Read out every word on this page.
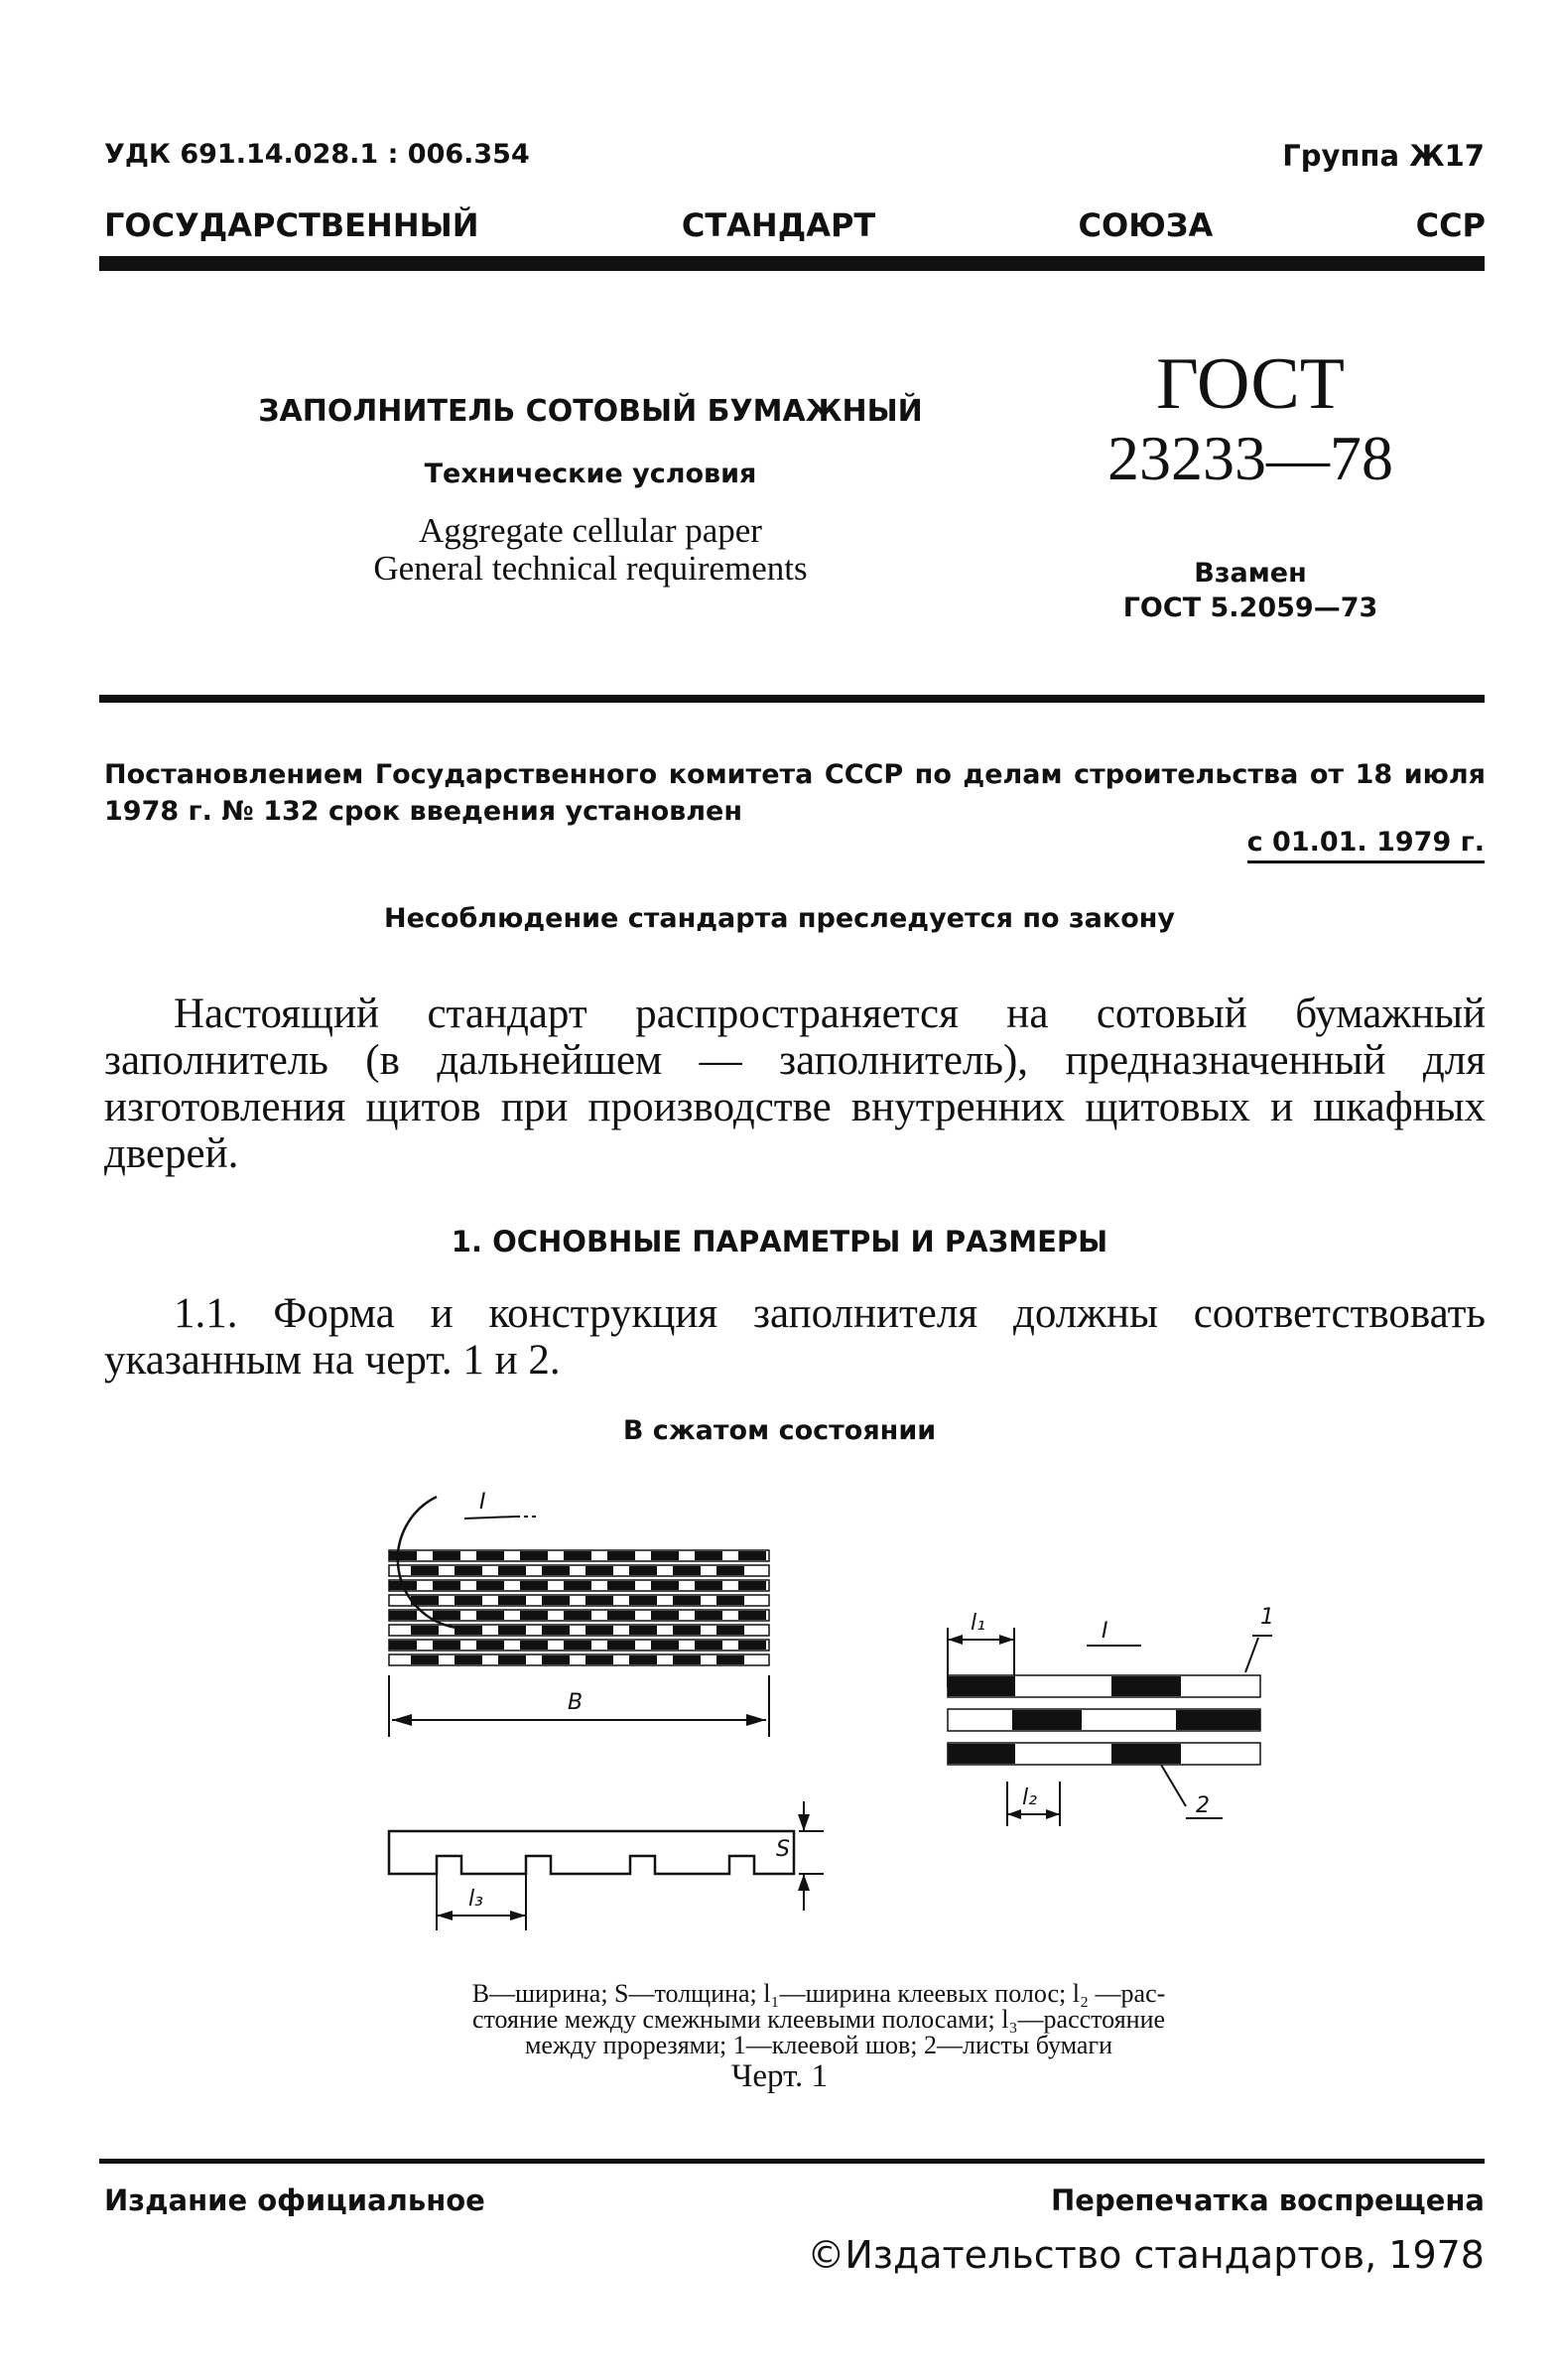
УДК 691.14.028.1 : 006.354	Группа Ж17
ГОСУДАРСТВЕННЫЙ	СТАНДАРТ	СОЮЗА	ССР
ЗАПОЛНИТЕЛЬ СОТОВЫЙ БУМАЖНЫЙ
Технические условия
Aggregate cellular paper
General technical requirements
ГОСТ
23233—78
Взамен
ГОСТ 5.2059—73
Постановлением Государственного комитета СССР по делам строительства от 18 июля 1978 г. № 132 срок введения установлен
с 01.01. 1979 г.
Несоблюдение стандарта преследуется по закону
Настоящий стандарт распространяется на сотовый бумажный заполнитель (в дальнейшем — заполнитель), предназначенный для изготовления щитов при производстве внутренних щитовых и шкафных дверей.
1. ОСНОВНЫЕ ПАРАМЕТРЫ И РАЗМЕРЫ
1.1. Форма и конструкция заполнителя должны соответствовать указанным на черт. 1 и 2.
В сжатом состоянии
I
B
S
l₃
l₁	I
1
l₂	2
B—ширина; S—толщина; l₁—ширина клеевых полос; l₂ —рас-
стояние между смежными клеевыми полосами; l₃—расстояние
между прорезями; 1—клеевой шов; 2—листы бумаги
Черт. 1
Издание официальное	Перепечатка воспрещена
©Издательство стандартов, 1978
